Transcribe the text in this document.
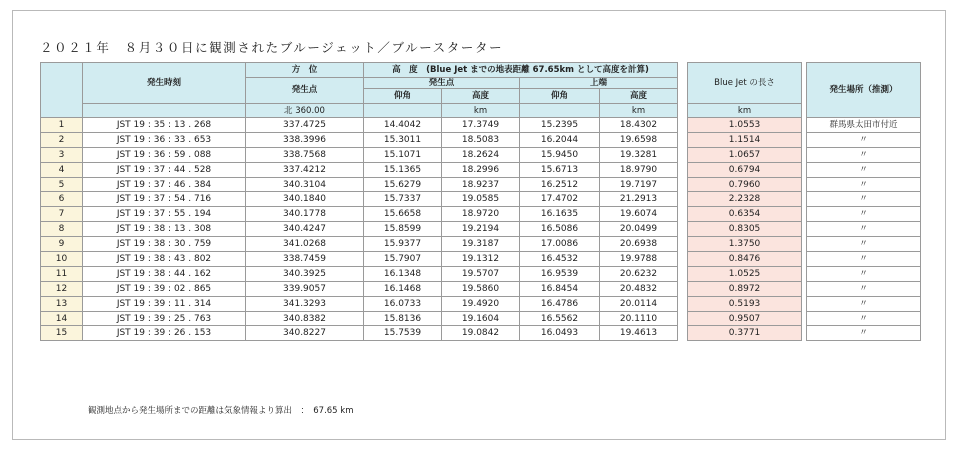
２０２１年　８月３０日に観測されたブルージェット／ブルースターター
	発生時刻	方　位	高　度　(Blue Jet までの地表距離 67.65km として高度を計算)					Blue Jet の長さ		発生場所（推測）
		発生点	発生点		上端					
			仰角	高度	仰角	高度				
		北 360.00		km		km		km		
1	JST 19 : 35 : 13 . 268	337.4725	14.4042	17.3749	15.2395	18.4302		1.0553		群馬県太田市付近
2	JST 19 : 36 : 33 . 653	338.3996	15.3011	18.5083	16.2044	19.6598		1.1514		〃
3	JST 19 : 36 : 59 . 088	338.7568	15.1071	18.2624	15.9450	19.3281		1.0657		〃
4	JST 19 : 37 : 44 . 528	337.4212	15.1365	18.2996	15.6713	18.9790		0.6794		〃
5	JST 19 : 37 : 46 . 384	340.3104	15.6279	18.9237	16.2512	19.7197		0.7960		〃
6	JST 19 : 37 : 54 . 716	340.1840	15.7337	19.0585	17.4702	21.2913		2.2328		〃
7	JST 19 : 37 : 55 . 194	340.1778	15.6658	18.9720	16.1635	19.6074		0.6354		〃
8	JST 19 : 38 : 13 . 308	340.4247	15.8599	19.2194	16.5086	20.0499		0.8305		〃
9	JST 19 : 38 : 30 . 759	341.0268	15.9377	19.3187	17.0086	20.6938		1.3750		〃
10	JST 19 : 38 : 43 . 802	338.7459	15.7907	19.1312	16.4532	19.9788		0.8476		〃
11	JST 19 : 38 : 44 . 162	340.3925	16.1348	19.5707	16.9539	20.6232		1.0525		〃
12	JST 19 : 39 : 02 . 865	339.9057	16.1468	19.5860	16.8454	20.4832		0.8972		〃
13	JST 19 : 39 : 11 . 314	341.3293	16.0733	19.4920	16.4786	20.0114		0.5193		〃
14	JST 19 : 39 : 25 . 763	340.8382	15.8136	19.1604	16.5562	20.1110		0.9507		〃
15	JST 19 : 39 : 26 . 153	340.8227	15.7539	19.0842	16.0493	19.4613		0.3771		〃
観測地点から発生場所までの距離は気象情報より算出　：　67.65 km
